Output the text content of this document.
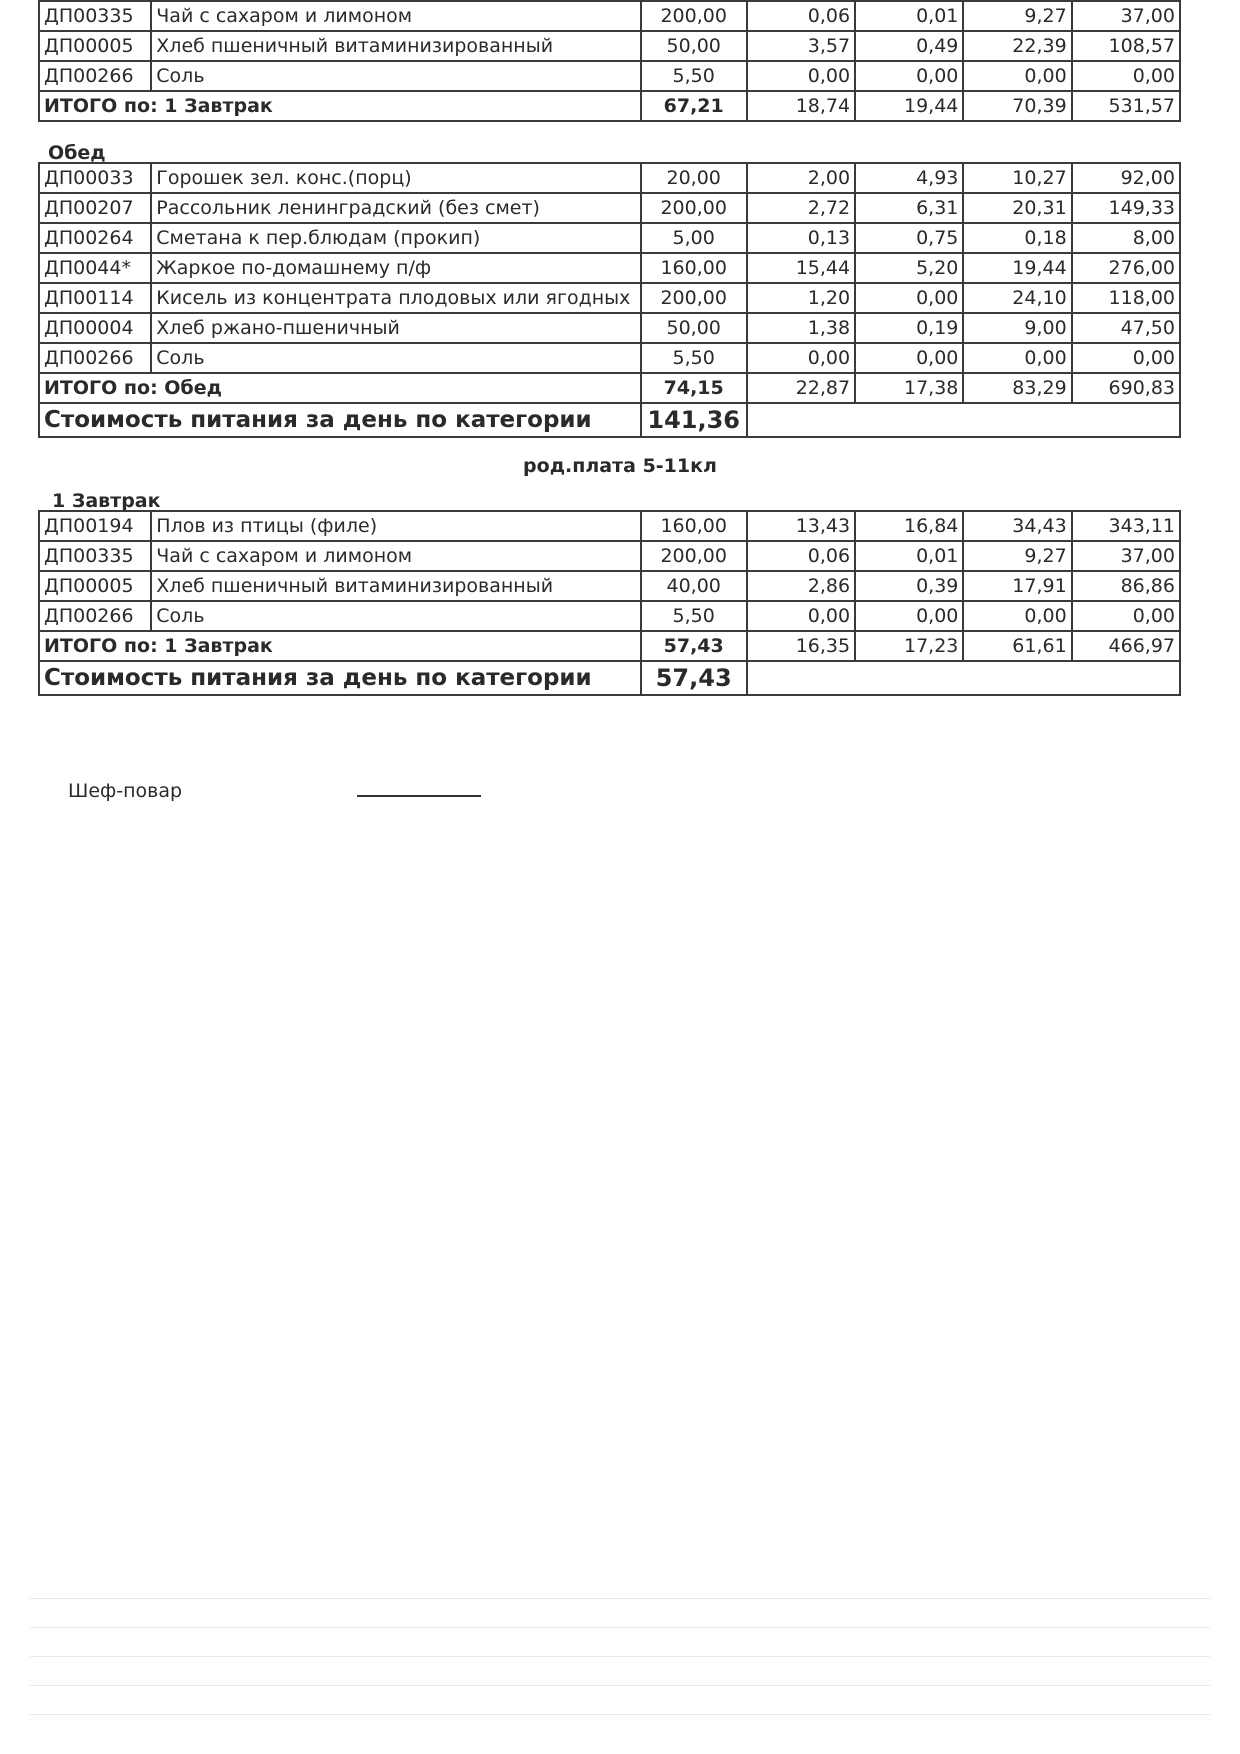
ДП00335	Чай с сахаром и лимоном	200,00	0,06	0,01	9,27	37,00
ДП00005	Хлеб пшеничный витаминизированный	50,00	3,57	0,49	22,39	108,57
ДП00266	Соль	5,50	0,00	0,00	0,00	0,00
ИТОГО по: 1 Завтрак		67,21	18,74	19,44	70,39	531,57
Обед
ДП00033	Горошек зел. конс.(порц)	20,00	2,00	4,93	10,27	92,00
ДП00207	Рассольник ленинградский (без смет)	200,00	2,72	6,31	20,31	149,33
ДП00264	Сметана к пер.блюдам (прокип)	5,00	0,13	0,75	0,18	8,00
ДП0044*	Жаркое по-домашнему п/ф	160,00	15,44	5,20	19,44	276,00
ДП00114	Кисель из концентрата плодовых или ягодных	200,00	1,20	0,00	24,10	118,00
ДП00004	Хлеб ржано-пшеничный	50,00	1,38	0,19	9,00	47,50
ДП00266	Соль	5,50	0,00	0,00	0,00	0,00
ИТОГО по: Обед		74,15	22,87	17,38	83,29	690,83
Стоимость питания за день по категории		141,36				
род.плата 5-11кл
1 Завтрак
ДП00194	Плов из птицы (филе)	160,00	13,43	16,84	34,43	343,11
ДП00335	Чай с сахаром и лимоном	200,00	0,06	0,01	9,27	37,00
ДП00005	Хлеб пшеничный витаминизированный	40,00	2,86	0,39	17,91	86,86
ДП00266	Соль	5,50	0,00	0,00	0,00	0,00
ИТОГО по: 1 Завтрак		57,43	16,35	17,23	61,61	466,97
Стоимость питания за день по категории		57,43				
Шеф-повар
